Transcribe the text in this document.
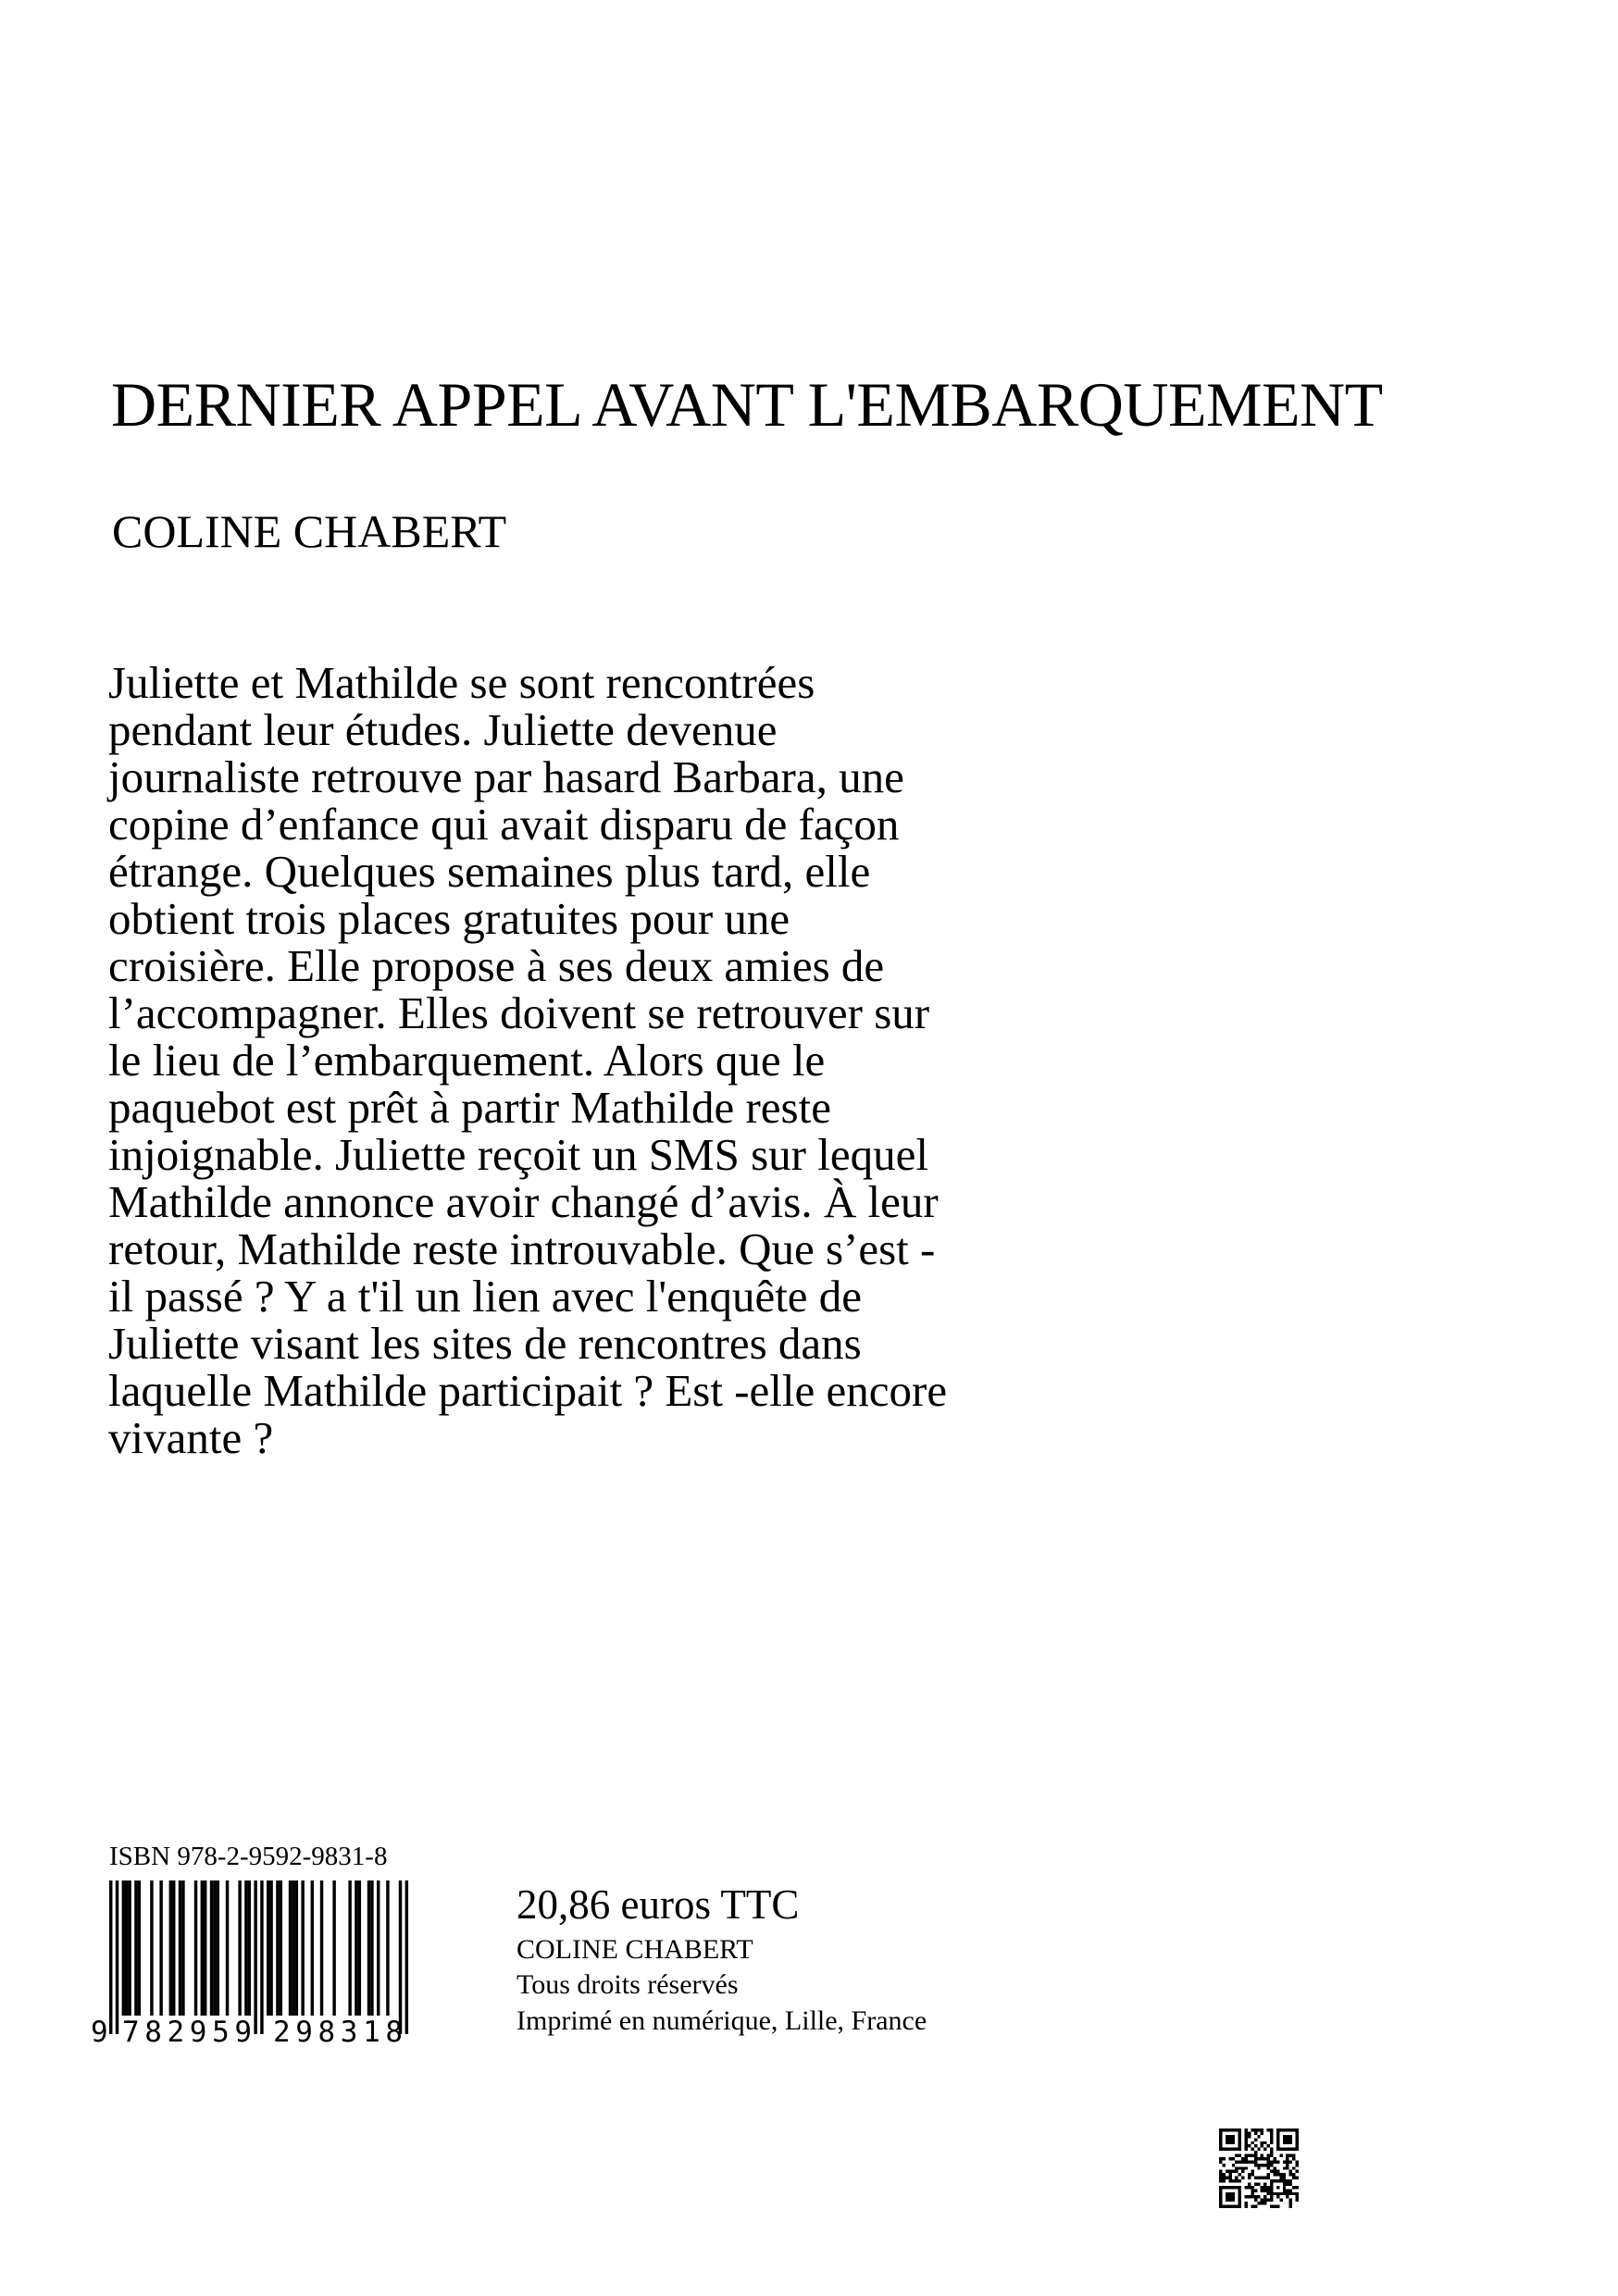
DERNIER APPEL AVANT L'EMBARQUEMENT
COLINE CHABERT
Juliette et Mathilde se sont rencontrées
pendant leur études. Juliette devenue
journaliste retrouve par hasard Barbara, une
copine d’enfance qui avait disparu de façon
étrange. Quelques semaines plus tard, elle
obtient trois places gratuites pour une
croisière. Elle propose à ses deux amies de
l’accompagner. Elles doivent se retrouver sur
le lieu de l’embarquement. Alors que le
paquebot est prêt à partir Mathilde reste
injoignable. Juliette reçoit un SMS sur lequel
Mathilde annonce avoir changé d’avis. À leur
retour, Mathilde reste introuvable. Que s’est -
il passé ? Y a t'il un lien avec l'enquête de
Juliette visant les sites de rencontres dans
laquelle Mathilde participait ? Est -elle encore
vivante ?
ISBN 978-2-9592-9831-8
9 782959 298318
20,86 euros TTC
COLINE CHABERT
Tous droits réservés
Imprimé en numérique, Lille, France
